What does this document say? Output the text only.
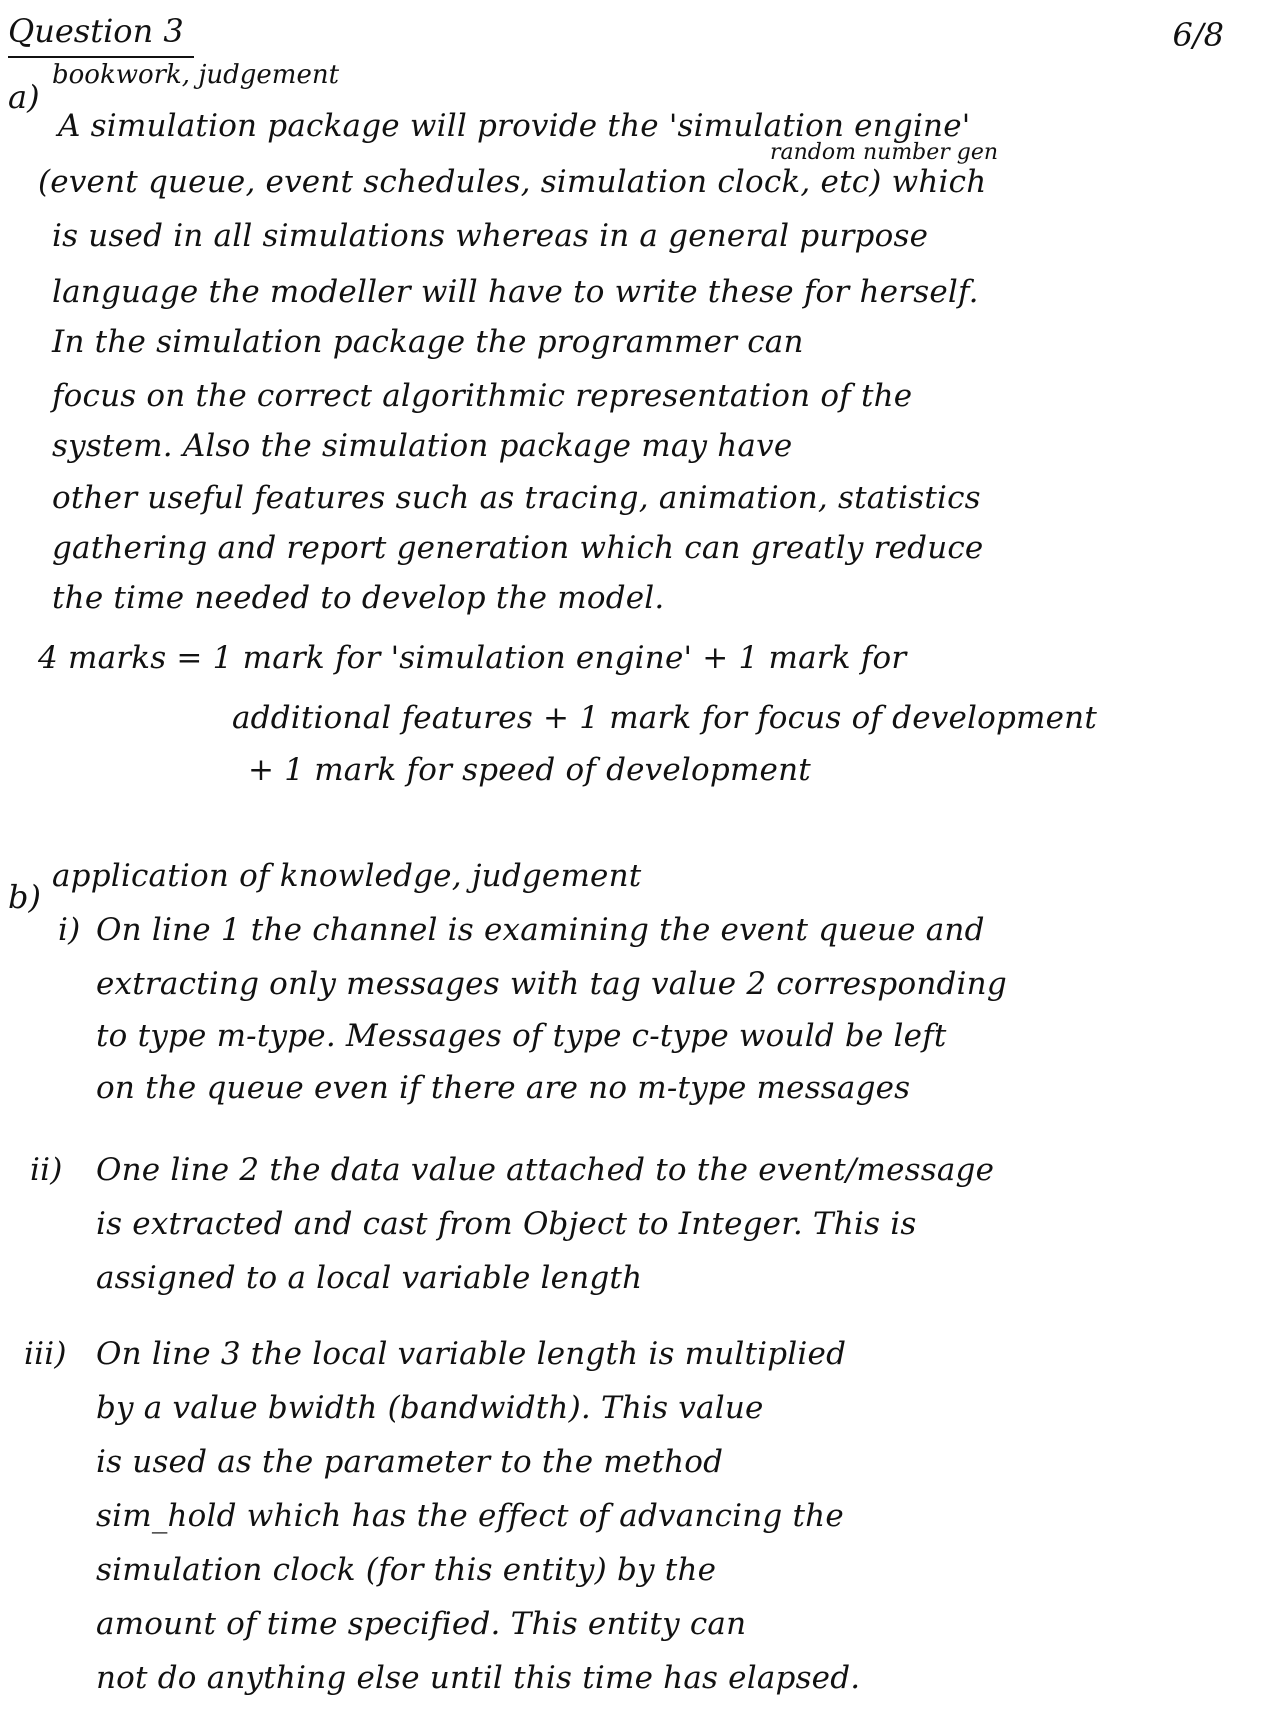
Question 3	6/8
a)
bookwork, judgement
random number gen
A simulation package will provide the 'simulation engine'
(event queue, event schedules, simulation clock, etc) which
is used in all simulations whereas in a general purpose
language the modeller will have to write these for herself.
In the simulation package the programmer can
focus on the correct algorithmic representation of the
system. Also the simulation package may have
other useful features such as tracing, animation, statistics
gathering and report generation which can greatly reduce
the time needed to develop the model.
4 marks = 1 mark for 'simulation engine' + 1 mark for
additional features + 1 mark for focus of development
+ 1 mark for speed of development
b)
application of knowledge, judgement
i) On line 1 the channel is examining the event queue and
extracting only messages with tag value 2 corresponding
to type m-type. Messages of type c-type would be left
on the queue even if there are no m-type messages
ii) One line 2 the data value attached to the event/message
is extracted and cast from Object to Integer. This is
assigned to a local variable length
iii) On line 3 the local variable length is multiplied
by a value bwidth (bandwidth). This value
is used as the parameter to the method
sim_hold which has the effect of advancing the
simulation clock (for this entity) by the
amount of time specified. This entity can
not do anything else until this time has elapsed.
